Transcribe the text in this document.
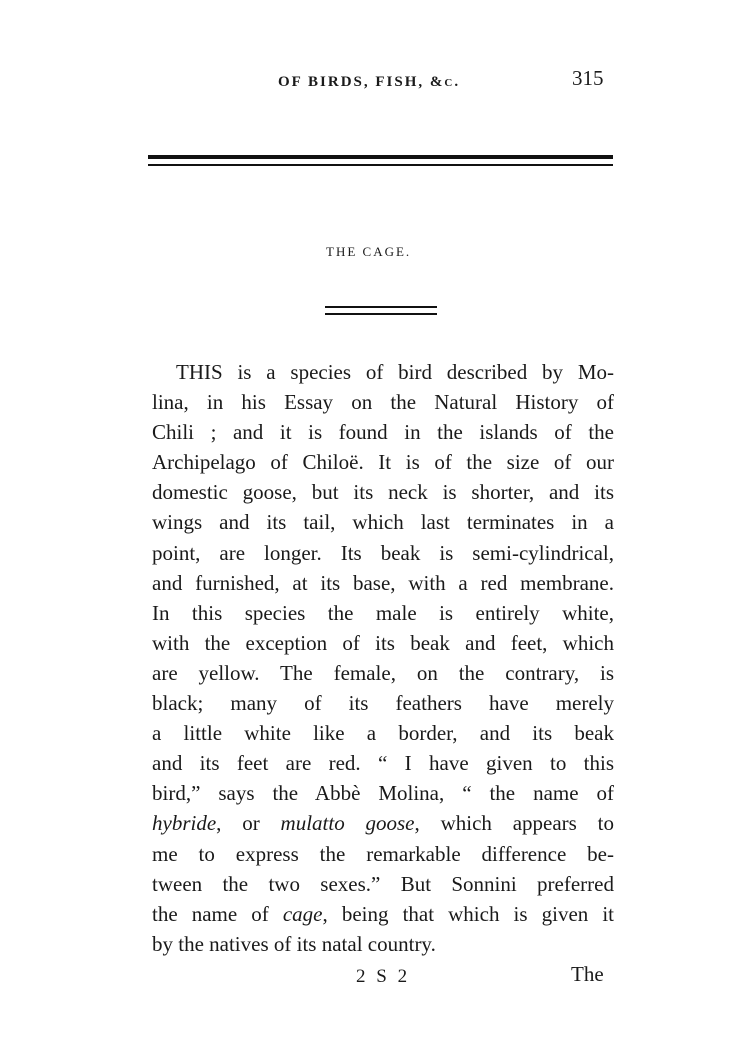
OF BIRDS, FISH, &c.	315
THE CAGE.
THIS is a species of bird described by Mo-
lina, in his Essay on the Natural History of
Chili ; and it is found in the islands of the
Archipelago of Chiloë. It is of the size of our
domestic goose, but its neck is shorter, and its
wings and its tail, which last terminates in a
point, are longer. Its beak is semi-cylindrical,
and furnished, at its base, with a red membrane.
In this species the male is entirely white,
with the exception of its beak and feet, which
are yellow. The female, on the contrary, is
black; many of its feathers have merely
a little white like a border, and its beak
and its feet are red. “ I have given to this
bird,” says the Abbè Molina, “ the name of
hybride, or mulatto goose, which appears to
me to express the remarkable difference be-
tween the two sexes.” But Sonnini preferred
the name of cage, being that which is given it
by the natives of its natal country.
2 S 2	The
